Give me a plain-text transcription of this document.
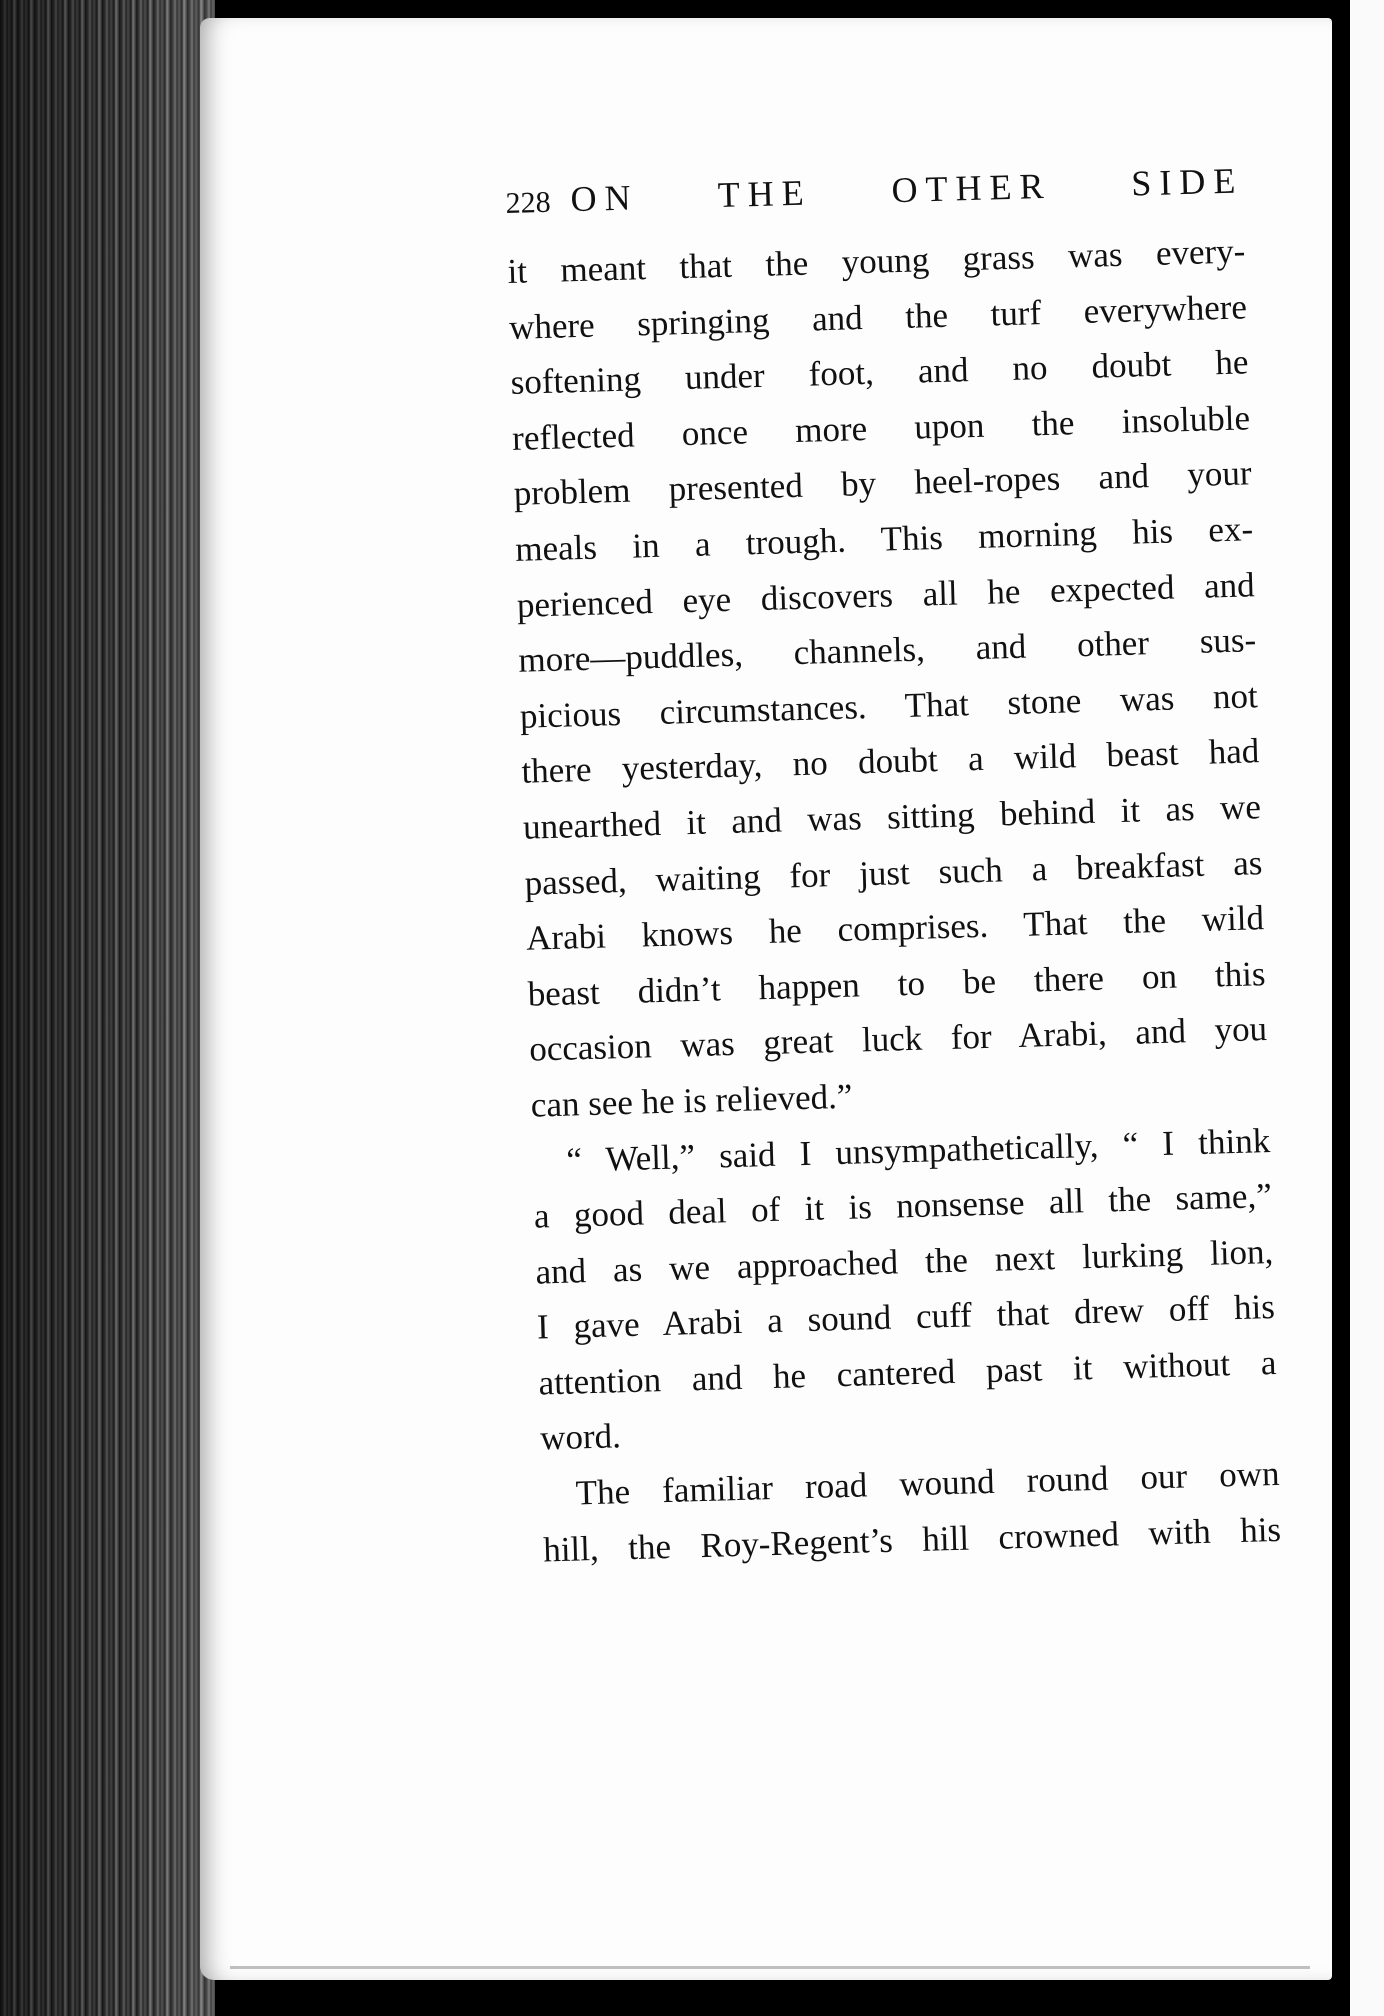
228 ON THE OTHER SIDE
it meant that the young grass was every-
where springing and the turf everywhere
softening under foot, and no doubt he
reflected once more upon the insoluble
problem presented by heel-ropes and your
meals in a trough. This morning his ex-
perienced eye discovers all he expected and
more—puddles, channels, and other sus-
picious circumstances. That stone was not
there yesterday, no doubt a wild beast had
unearthed it and was sitting behind it as we
passed, waiting for just such a breakfast as
Arabi knows he comprises. That the wild
beast didn’t happen to be there on this
occasion was great luck for Arabi, and you
can see he is relieved.”
“ Well,” said I unsympathetically, “ I think
a good deal of it is nonsense all the same,”
and as we approached the next lurking lion,
I gave Arabi a sound cuff that drew off his
attention and he cantered past it without a
word.
The familiar road wound round our own
hill, the Roy-Regent’s hill crowned with his
